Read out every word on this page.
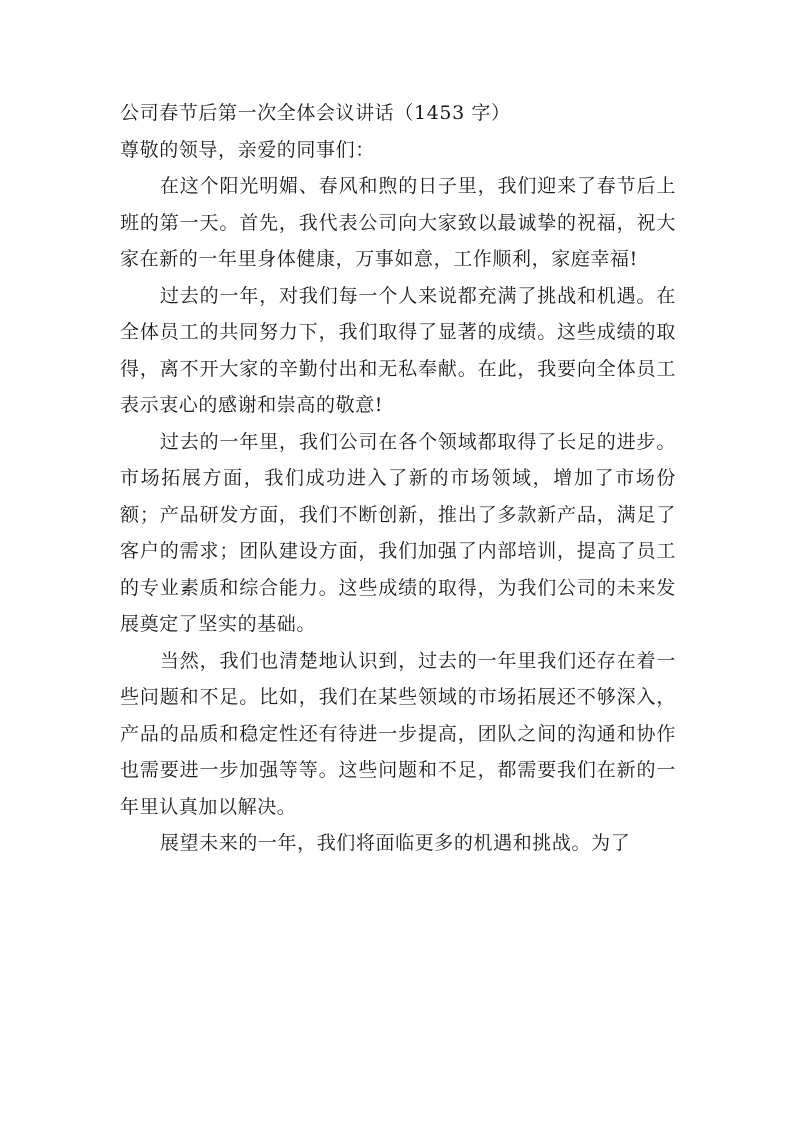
公司春节后第一次全体会议讲话（1453 字）

尊敬的领导，亲爱的同事们：

在这个阳光明媚、春风和煦的日子里，我们迎来了春节后上班的第一天。首先，我代表公司向大家致以最诚挚的祝福，祝大家在新的一年里身体健康，万事如意，工作顺利，家庭幸福!

过去的一年，对我们每一个人来说都充满了挑战和机遇。在全体员工的共同努力下，我们取得了显著的成绩。这些成绩的取得，离不开大家的辛勤付出和无私奉献。在此，我要向全体员工表示衷心的感谢和崇高的敬意!

过去的一年里，我们公司在各个领域都取得了长足的进步。市场拓展方面，我们成功进入了新的市场领域，增加了市场份额；产品研发方面，我们不断创新，推出了多款新产品，满足了客户的需求；团队建设方面，我们加强了内部培训，提高了员工的专业素质和综合能力。这些成绩的取得，为我们公司的未来发展奠定了坚实的基础。

当然，我们也清楚地认识到，过去的一年里我们还存在着一些问题和不足。比如，我们在某些领域的市场拓展还不够深入，产品的品质和稳定性还有待进一步提高，团队之间的沟通和协作也需要进一步加强等等。这些问题和不足，都需要我们在新的一年里认真加以解决。

展望未来的一年，我们将面临更多的机遇和挑战。为了
